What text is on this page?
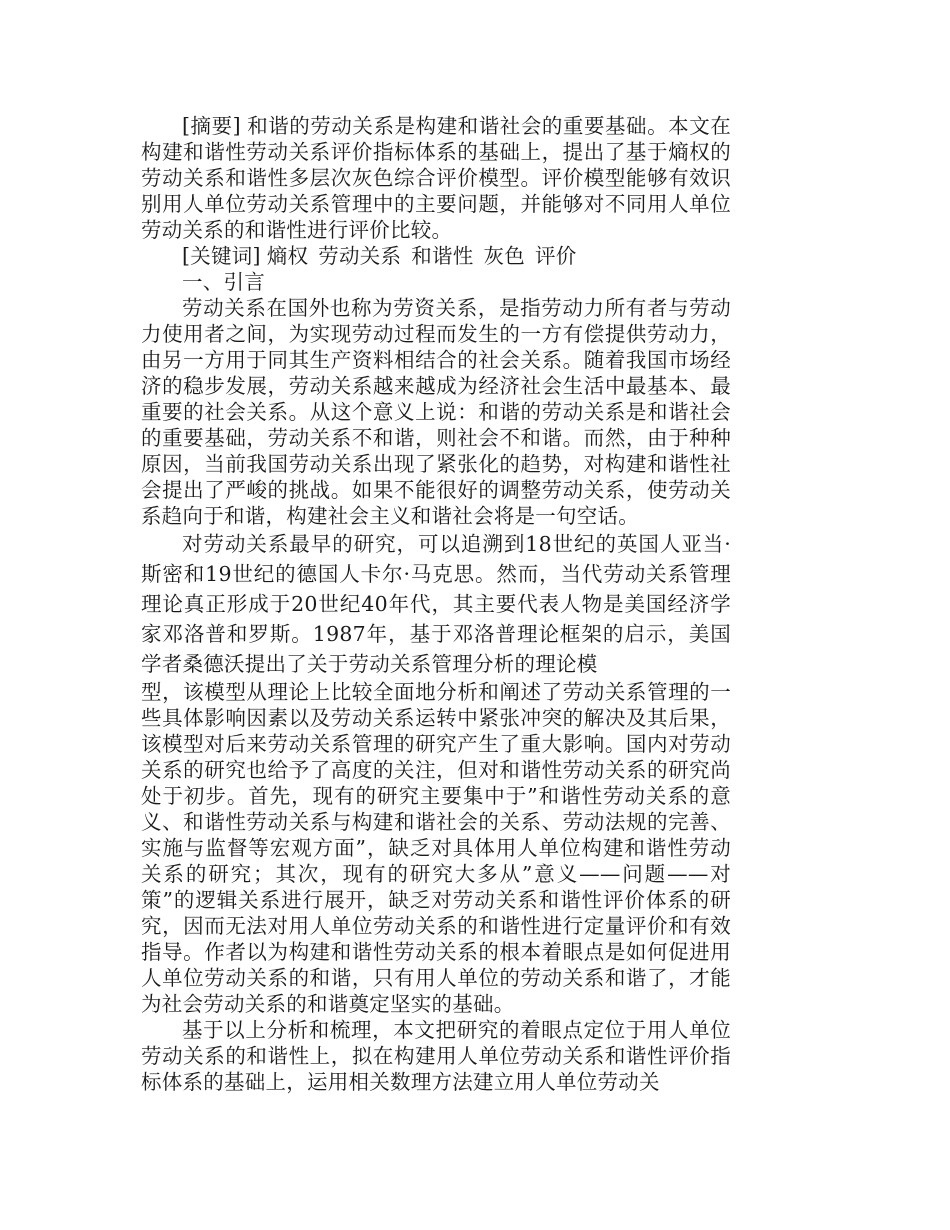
[摘要] 和谐的劳动关系是构建和谐社会的重要基础。本文在构建和谐性劳动关系评价指标体系的基础上，提出了基于熵权的劳动关系和谐性多层次灰色综合评价模型。评价模型能够有效识别用人单位劳动关系管理中的主要问题，并能够对不同用人单位劳动关系的和谐性进行评价比较。

[关键词] 熵权 劳动关系 和谐性 灰色 评价

一、引言

劳动关系在国外也称为劳资关系，是指劳动力所有者与劳动力使用者之间，为实现劳动过程而发生的一方有偿提供劳动力，由另一方用于同其生产资料相结合的社会关系。随着我国市场经济的稳步发展，劳动关系越来越成为经济社会生活中最基本、最重要的社会关系。从这个意义上说：和谐的劳动关系是和谐社会的重要基础，劳动关系不和谐，则社会不和谐。而然，由于种种原因，当前我国劳动关系出现了紧张化的趋势，对构建和谐性社会提出了严峻的挑战。如果不能很好的调整劳动关系，使劳动关系趋向于和谐，构建社会主义和谐社会将是一句空话。

对劳动关系最早的研究，可以追溯到18世纪的英国人亚当·斯密和19世纪的德国人卡尔·马克思。然而，当代劳动关系管理理论真正形成于20世纪40年代，其主要代表人物是美国经济学家邓洛普和罗斯。1987年，基于邓洛普理论框架的启示，美国学者桑德沃提出了关于劳动关系管理分析的理论模

型，该模型从理论上比较全面地分析和阐述了劳动关系管理的一些具体影响因素以及劳动关系运转中紧张冲突的解决及其后果，该模型对后来劳动关系管理的研究产生了重大影响。国内对劳动关系的研究也给予了高度的关注，但对和谐性劳动关系的研究尚处于初步。首先，现有的研究主要集中于”和谐性劳动关系的意义、和谐性劳动关系与构建和谐社会的关系、劳动法规的完善、实施与监督等宏观方面”，缺乏对具体用人单位构建和谐性劳动关系的研究；其次，现有的研究大多从”意义——问题——对策”的逻辑关系进行展开，缺乏对劳动关系和谐性评价体系的研究，因而无法对用人单位劳动关系的和谐性进行定量评价和有效指导。作者以为构建和谐性劳动关系的根本着眼点是如何促进用人单位劳动关系的和谐，只有用人单位的劳动关系和谐了，才能为社会劳动关系的和谐奠定坚实的基础。

基于以上分析和梳理，本文把研究的着眼点定位于用人单位劳动关系的和谐性上，拟在构建用人单位劳动关系和谐性评价指标体系的基础上，运用相关数理方法建立用人单位劳动关
